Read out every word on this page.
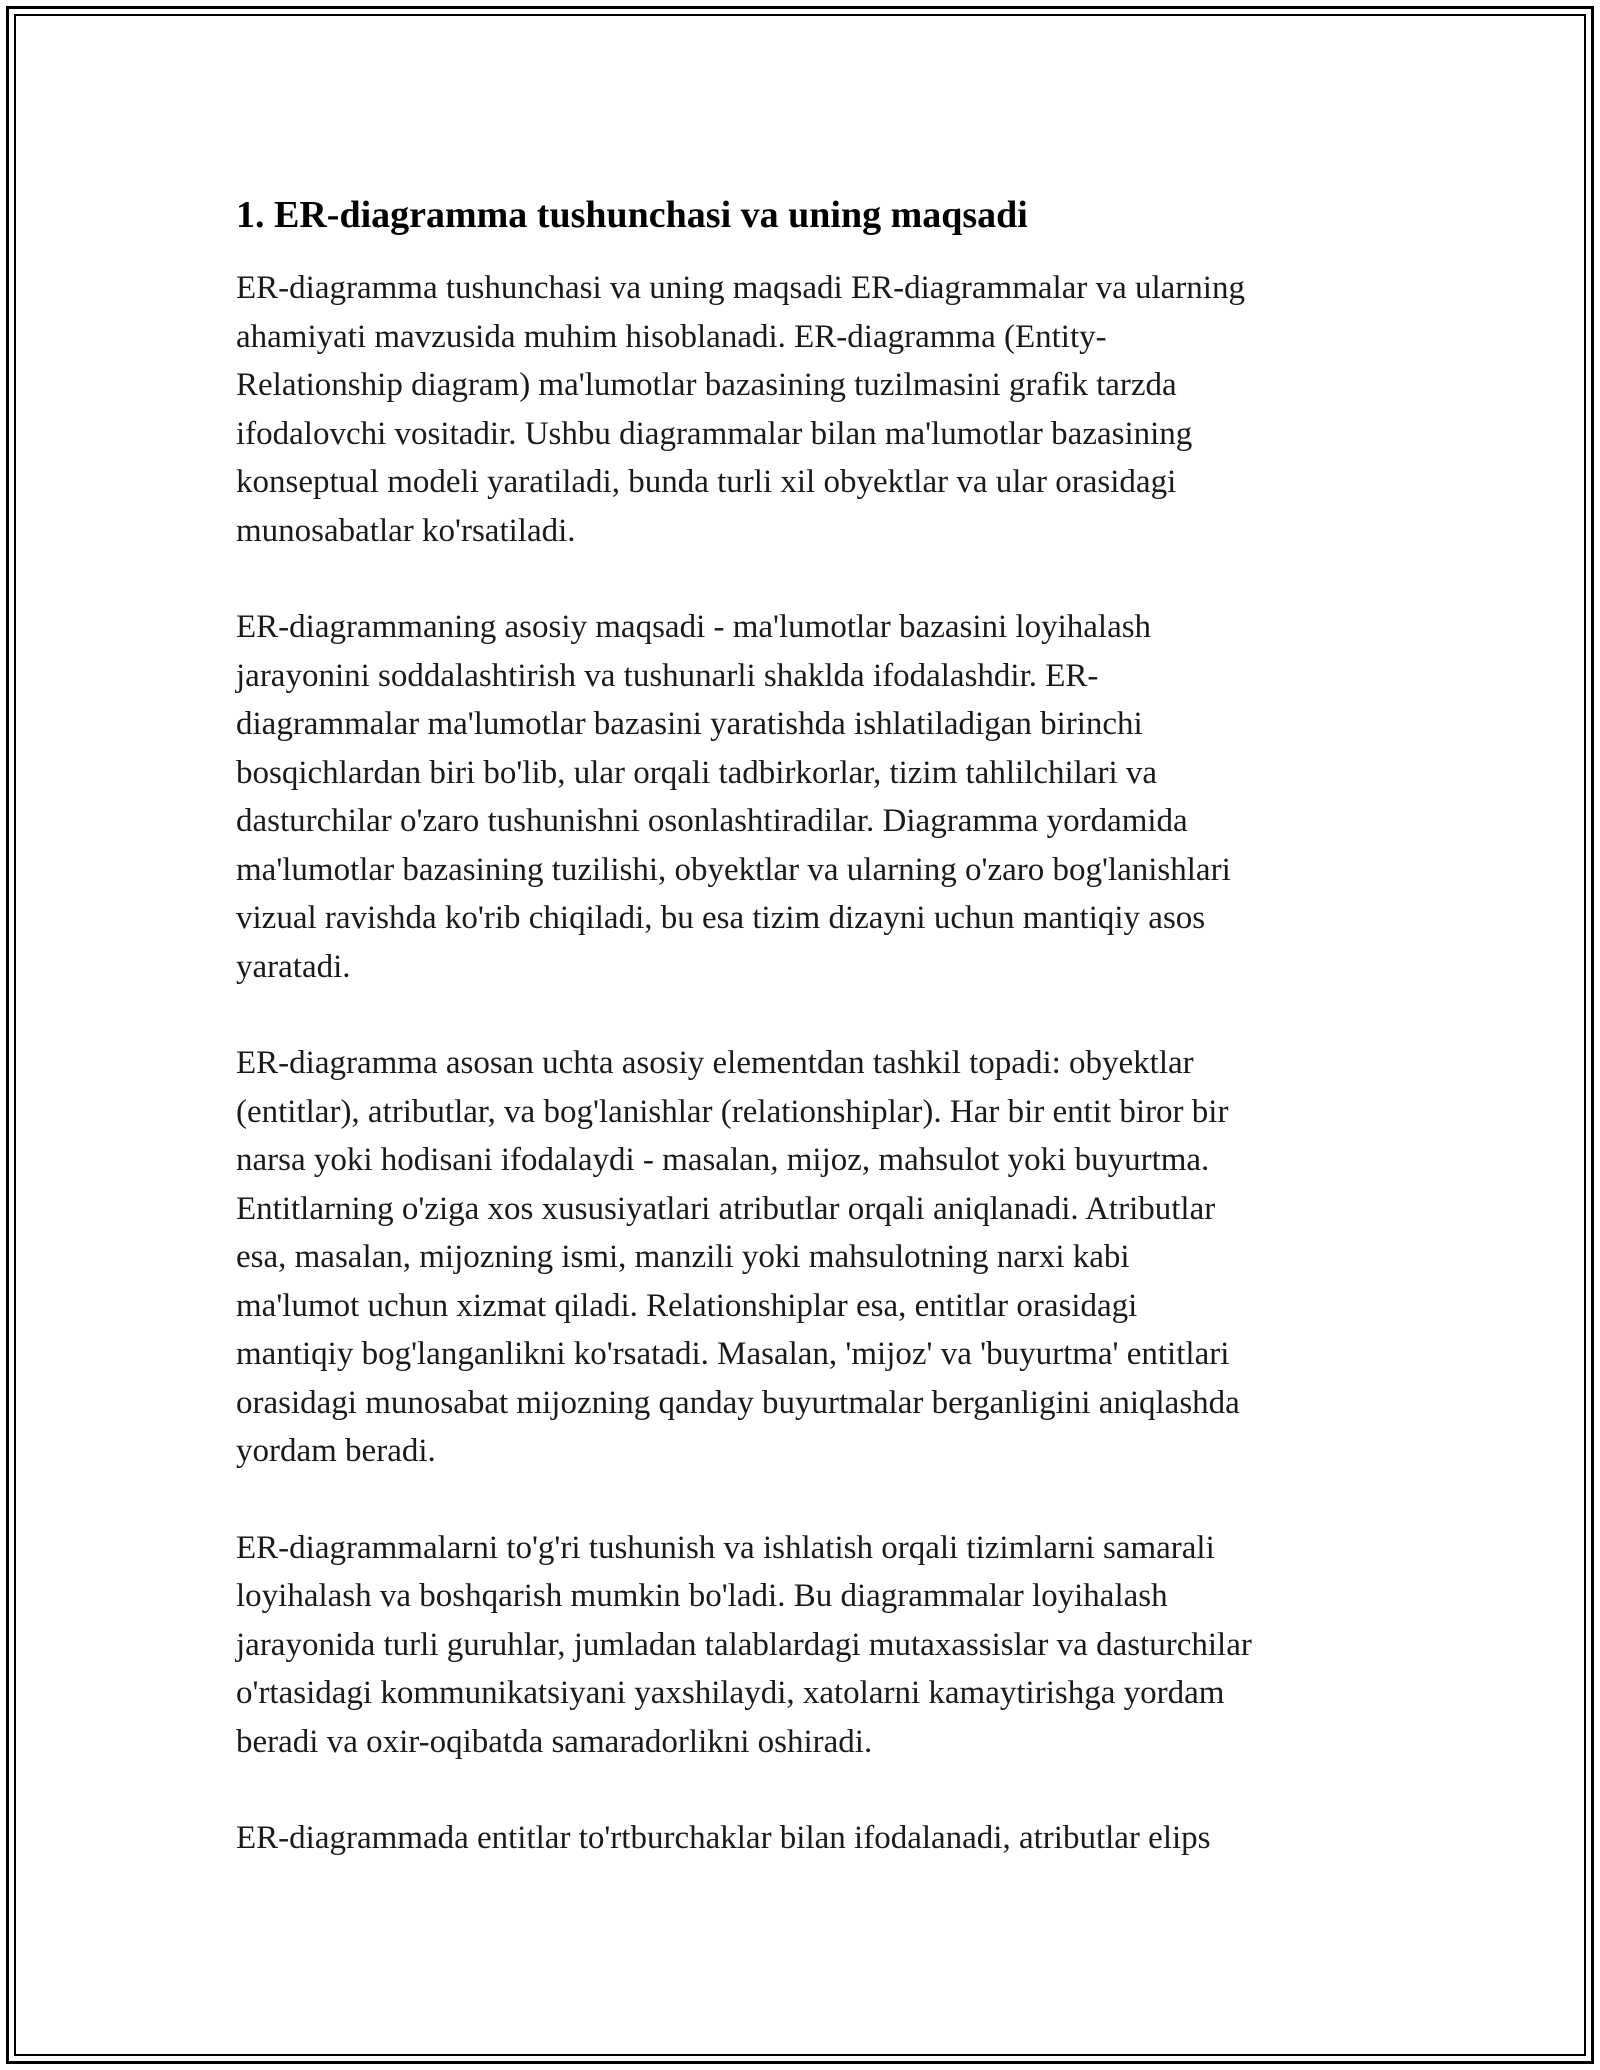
1. ER-diagramma tushunchasi va uning maqsadi
ER-diagramma tushunchasi va uning maqsadi ER-diagrammalar va ularning
ahamiyati mavzusida muhim hisoblanadi. ER-diagramma (Entity-
Relationship diagram) ma'lumotlar bazasining tuzilmasini grafik tarzda
ifodalovchi vositadir. Ushbu diagrammalar bilan ma'lumotlar bazasining
konseptual modeli yaratiladi, bunda turli xil obyektlar va ular orasidagi
munosabatlar ko'rsatiladi.
ER-diagrammaning asosiy maqsadi - ma'lumotlar bazasini loyihalash
jarayonini soddalashtirish va tushunarli shaklda ifodalashdir. ER-
diagrammalar ma'lumotlar bazasini yaratishda ishlatiladigan birinchi
bosqichlardan biri bo'lib, ular orqali tadbirkorlar, tizim tahlilchilari va
dasturchilar o'zaro tushunishni osonlashtiradilar. Diagramma yordamida
ma'lumotlar bazasining tuzilishi, obyektlar va ularning o'zaro bog'lanishlari
vizual ravishda ko'rib chiqiladi, bu esa tizim dizayni uchun mantiqiy asos
yaratadi.
ER-diagramma asosan uchta asosiy elementdan tashkil topadi: obyektlar
(entitlar), atributlar, va bog'lanishlar (relationshiplar). Har bir entit biror bir
narsa yoki hodisani ifodalaydi - masalan, mijoz, mahsulot yoki buyurtma.
Entitlarning o'ziga xos xususiyatlari atributlar orqali aniqlanadi. Atributlar
esa, masalan, mijozning ismi, manzili yoki mahsulotning narxi kabi
ma'lumot uchun xizmat qiladi. Relationshiplar esa, entitlar orasidagi
mantiqiy bog'langanlikni ko'rsatadi. Masalan, 'mijoz' va 'buyurtma' entitlari
orasidagi munosabat mijozning qanday buyurtmalar berganligini aniqlashda
yordam beradi.
ER-diagrammalarni to'g'ri tushunish va ishlatish orqali tizimlarni samarali
loyihalash va boshqarish mumkin bo'ladi. Bu diagrammalar loyihalash
jarayonida turli guruhlar, jumladan talablardagi mutaxassislar va dasturchilar
o'rtasidagi kommunikatsiyani yaxshilaydi, xatolarni kamaytirishga yordam
beradi va oxir-oqibatda samaradorlikni oshiradi.
ER-diagrammada entitlar to'rtburchaklar bilan ifodalanadi, atributlar elips
